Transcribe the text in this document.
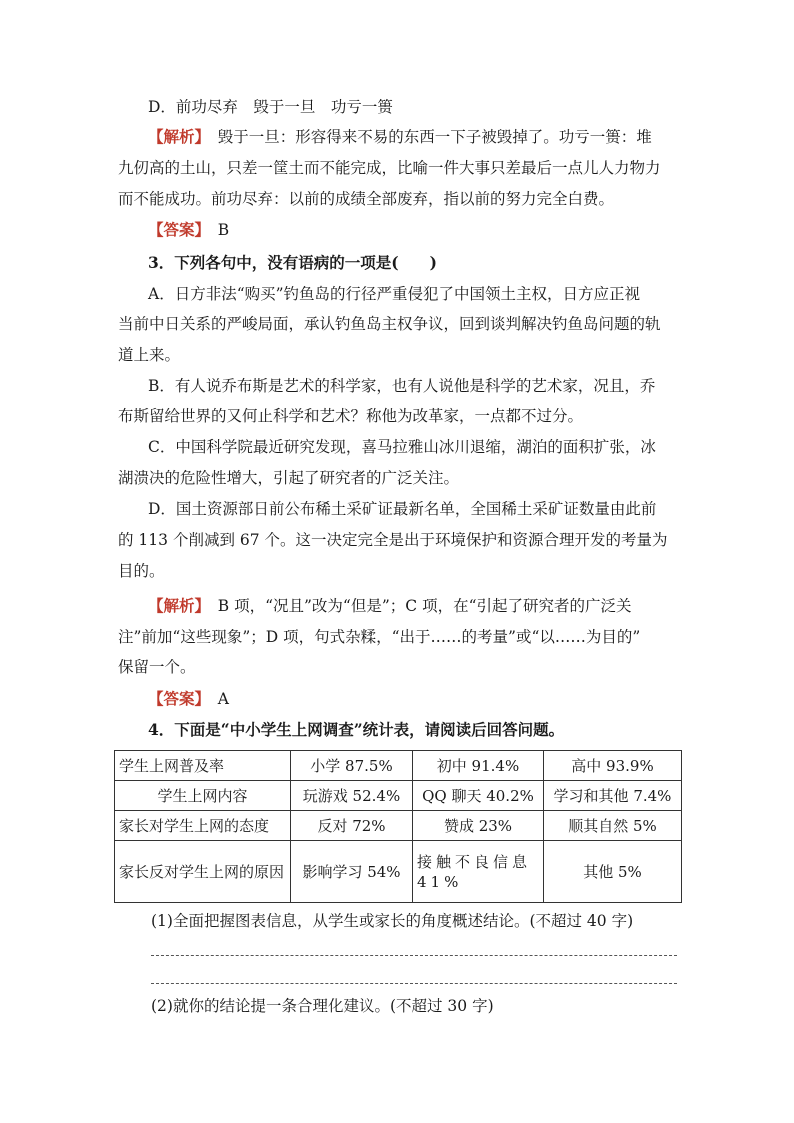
D．前功尽弃　毁于一旦　功亏一篑
【解析】　毁于一旦：形容得来不易的东西一下子被毁掉了。功亏一篑：堆
九仞高的土山，只差一筐土而不能完成，比喻一件大事只差最后一点儿人力物力
而不能成功。前功尽弃：以前的成绩全部废弃，指以前的努力完全白费。
【答案】　B
3．下列各句中，没有语病的一项是(　　)
A．日方非法“购买”钓鱼岛的行径严重侵犯了中国领土主权，日方应正视
当前中日关系的严峻局面，承认钓鱼岛主权争议，回到谈判解决钓鱼岛问题的轨
道上来。
B．有人说乔布斯是艺术的科学家，也有人说他是科学的艺术家，况且，乔
布斯留给世界的又何止科学和艺术？称他为改革家，一点都不过分。
C．中国科学院最近研究发现，喜马拉雅山冰川退缩，湖泊的面积扩张，冰
湖溃决的危险性增大，引起了研究者的广泛关注。
D．国土资源部日前公布稀土采矿证最新名单，全国稀土采矿证数量由此前
的 113 个削减到 67 个。这一决定完全是出于环境保护和资源合理开发的考量为
目的。
【解析】　B 项，“况且”改为“但是”；C 项，在“引起了研究者的广泛关
注”前加“这些现象”；D 项，句式杂糅，“出于……的考量”或“以……为目的”
保留一个。
【答案】　A
4．下面是“中小学生上网调查”统计表，请阅读后回答问题。
学生上网普及率	小学 87.5%	初中 91.4%	高中 93.9%
学生上网内容	玩游戏 52.4%	QQ 聊天 40.2%	学习和其他 7.4%
家长对学生上网的态度	反对 72%	赞成 23%	顺其自然 5%
家长反对学生上网的原因	影响学习 54%	接触不良信息 41%	其他 5%
(1)全面把握图表信息，从学生或家长的角度概述结论。(不超过 40 字)
(2)就你的结论提一条合理化建议。(不超过 30 字)
